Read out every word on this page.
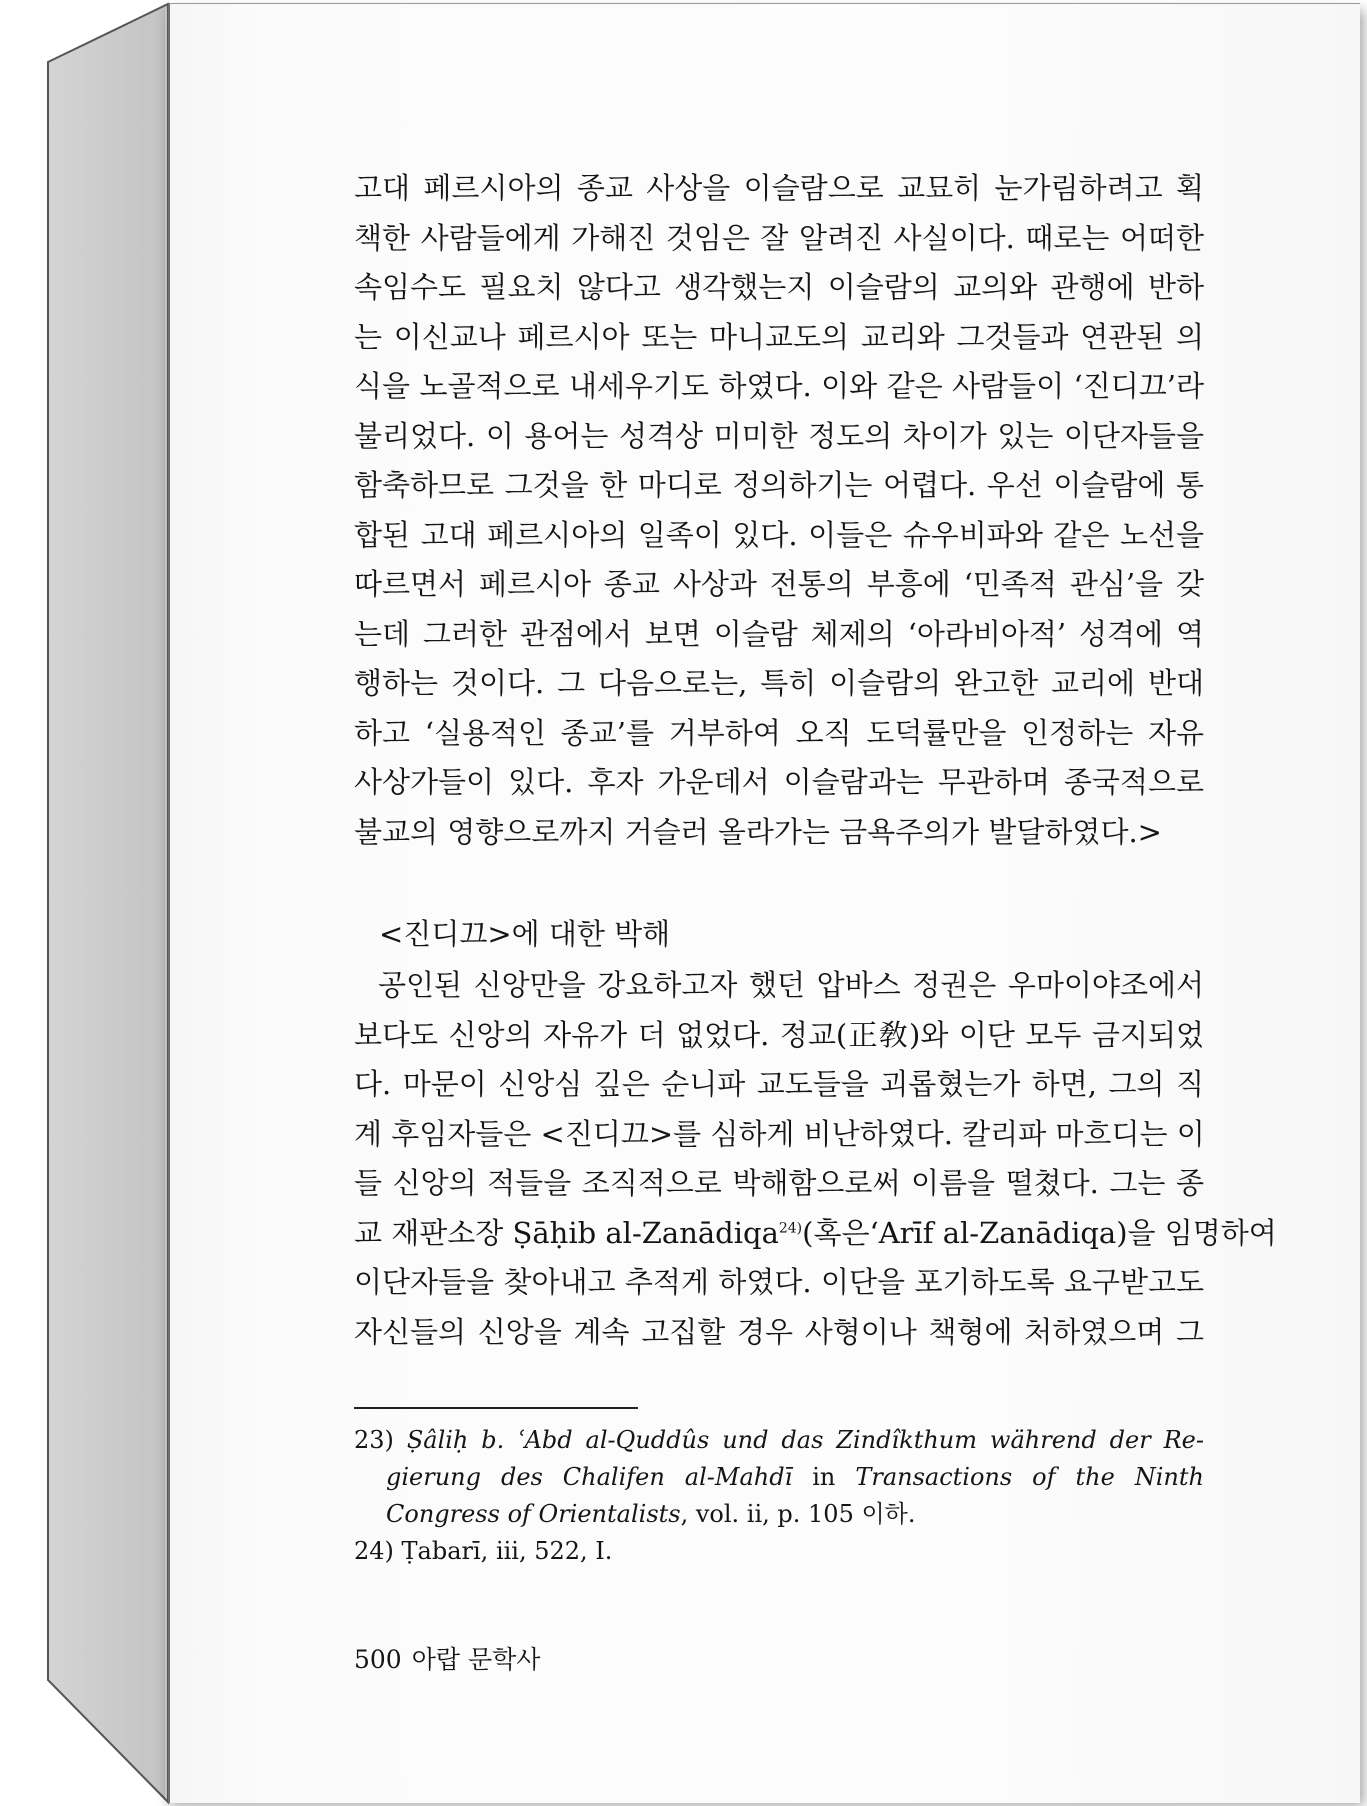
고대 페르시아의 종교 사상을 이슬람으로 교묘히 눈가림하려고 획
책한 사람들에게 가해진 것임은 잘 알려진 사실이다. 때로는 어떠한
속임수도 필요치 않다고 생각했는지 이슬람의 교의와 관행에 반하
는 이신교나 페르시아 또는 마니교도의 교리와 그것들과 연관된 의
식을 노골적으로 내세우기도 하였다. 이와 같은 사람들이 ‘진디끄’라
불리었다. 이 용어는 성격상 미미한 정도의 차이가 있는 이단자들을
함축하므로 그것을 한 마디로 정의하기는 어렵다. 우선 이슬람에 통
합된 고대 페르시아의 일족이 있다. 이들은 슈우비파와 같은 노선을
따르면서 페르시아 종교 사상과 전통의 부흥에 ‘민족적 관심’을 갖
는데 그러한 관점에서 보면 이슬람 체제의 ‘아라비아적’ 성격에 역
행하는 것이다. 그 다음으로는, 특히 이슬람의 완고한 교리에 반대
하고 ‘실용적인 종교’를 거부하여 오직 도덕률만을 인정하는 자유
사상가들이 있다. 후자 가운데서 이슬람과는 무관하며 종국적으로
불교의 영향으로까지 거슬러 올라가는 금욕주의가 발달하였다.>
<진디끄>에 대한 박해
공인된 신앙만을 강요하고자 했던 압바스 정권은 우마이야조에서
보다도 신앙의 자유가 더 없었다. 정교(正敎)와 이단 모두 금지되었
다. 마문이 신앙심 깊은 순니파 교도들을 괴롭혔는가 하면, 그의 직
계 후임자들은 <진디끄>를 심하게 비난하였다. 칼리파 마흐디는 이
들 신앙의 적들을 조직적으로 박해함으로써 이름을 떨쳤다. 그는 종
교 재판소장 Ṣāḥib al-Zanādiqa$^{24)}$(혹은‘Arīf al-Zanādiqa)을 임명하여
이단자들을 찾아내고 추적게 하였다. 이단을 포기하도록 요구받고도
자신들의 신앙을 계속 고집할 경우 사형이나 책형에 처하였으며 그
23) Ṣâliḥ b. ʿAbd al-Quddûs und das Zindîkthum während der Re-
gierung des Chalifen al-Mahdī in Transactions of the Ninth
Congress of Orientalists, vol. ii, p. 105 이하.
24) Ṭabarī, iii, 522, I.
500 아랍 문학사
